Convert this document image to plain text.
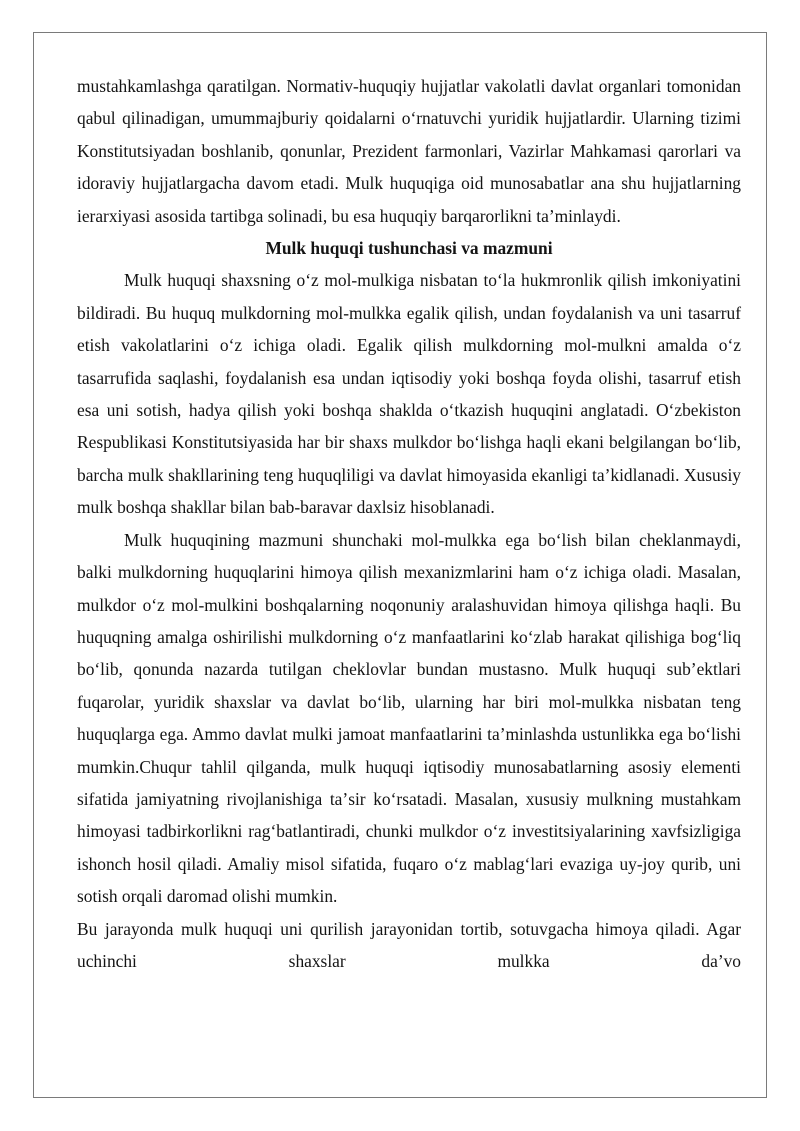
mustahkamlashga qaratilgan. Normativ-huquqiy hujjatlar vakolatli davlat organlari tomonidan qabul qilinadigan, umummajburiy qoidalarni oʻrnatuvchi yuridik hujjatlardir. Ularning tizimi Konstitutsiyadan boshlanib, qonunlar, Prezident farmonlari, Vazirlar Mahkamasi qarorlari va idoraviy hujjatlargacha davom etadi. Mulk huquqiga oid munosabatlar ana shu hujjatlarning ierarxiyasi asosida tartibga solinadi, bu esa huquqiy barqarorlikni taʼminlaydi.

Mulk huquqi tushunchasi va mazmuni

Mulk huquqi shaxsning oʻz mol-mulkiga nisbatan toʻla hukmronlik qilish imkoniyatini bildiradi. Bu huquq mulkdorning mol-mulkka egalik qilish, undan foydalanish va uni tasarruf etish vakolatlarini oʻz ichiga oladi. Egalik qilish mulkdorning mol-mulkni amalda oʻz tasarrufida saqlashi, foydalanish esa undan iqtisodiy yoki boshqa foyda olishi, tasarruf etish esa uni sotish, hadya qilish yoki boshqa shaklda oʻtkazish huquqini anglatadi. Oʻzbekiston Respublikasi Konstitutsiyasida har bir shaxs mulkdor boʻlishga haqli ekani belgilangan boʻlib, barcha mulk shakllarining teng huquqliligi va davlat himoyasida ekanligi taʼkidlanadi. Xususiy mulk boshqa shakllar bilan bab-baravar daxlsiz hisoblanadi.

Mulk huquqining mazmuni shunchaki mol-mulkka ega boʻlish bilan cheklanmaydi, balki mulkdorning huquqlarini himoya qilish mexanizmlarini ham oʻz ichiga oladi. Masalan, mulkdor oʻz mol-mulkini boshqalarning noqonuniy aralashuvidan himoya qilishga haqli. Bu huquqning amalga oshirilishi mulkdorning oʻz manfaatlarini koʻzlab harakat qilishiga bogʻliq boʻlib, qonunda nazarda tutilgan cheklovlar bundan mustasno. Mulk huquqi subʼektlari fuqarolar, yuridik shaxslar va davlat boʻlib, ularning har biri mol-mulkka nisbatan teng huquqlarga ega. Ammo davlat mulki jamoat manfaatlarini taʼminlashda ustunlikka ega boʻlishi mumkin.Chuqur tahlil qilganda, mulk huquqi iqtisodiy munosabatlarning asosiy elementi sifatida jamiyatning rivojlanishiga taʼsir koʻrsatadi. Masalan, xususiy mulkning mustahkam himoyasi tadbirkorlikni ragʻbatlantiradi, chunki mulkdor oʻz investitsiyalarining xavfsizligiga ishonch hosil qiladi. Amaliy misol sifatida, fuqaro oʻz mablagʻlari evaziga uy-joy qurib, uni sotish orqali daromad olishi mumkin.

Bu jarayonda mulk huquqi uni qurilish jarayonidan tortib, sotuvgacha himoya qiladi. Agar uchinchi shaxslar mulkka daʼvo
